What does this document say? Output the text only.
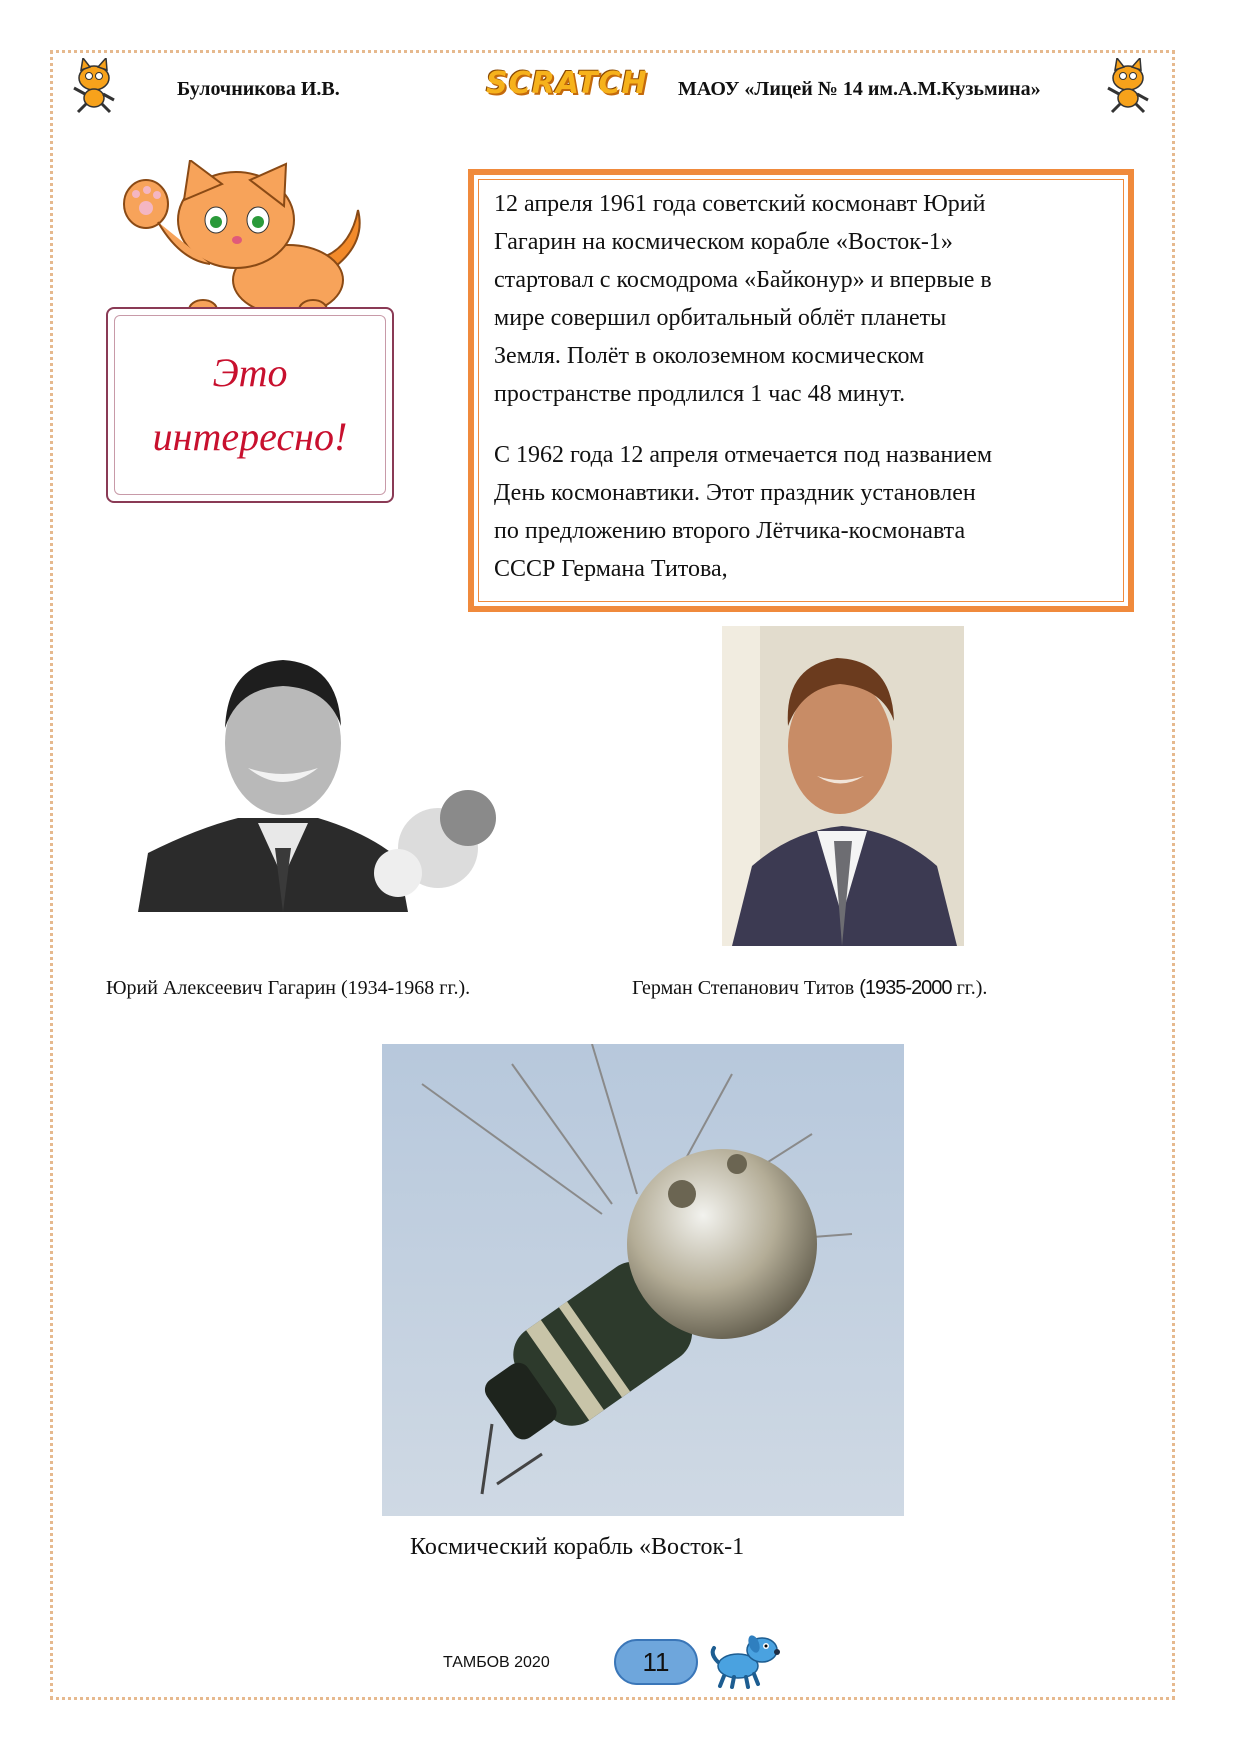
Булочникова И.В.	SCRATCH	МАОУ «Лицей № 14 им.А.М.Кузьмина»
Это
интересно!
12 апреля 1961 года советский космонавт Юрий
Гагарин на космическом корабле «Восток-1»
стартовал с космодрома «Байконур» и впервые в
мире совершил орбитальный облёт планеты
Земля. Полёт в околоземном космическом
пространстве продлился 1 час 48 минут.
С 1962 года 12 апреля отмечается под названием
День космонавтики. Этот праздник установлен
по предложению второго Лётчика-космонавта
СССР Германа Титова,
Юрий Алексеевич Гагарин (1934-1968 гг.).	Герман Степанович Титов (1935-2000 гг.).
Космический корабль «Восток-1
ТАМБОВ 2020	11
